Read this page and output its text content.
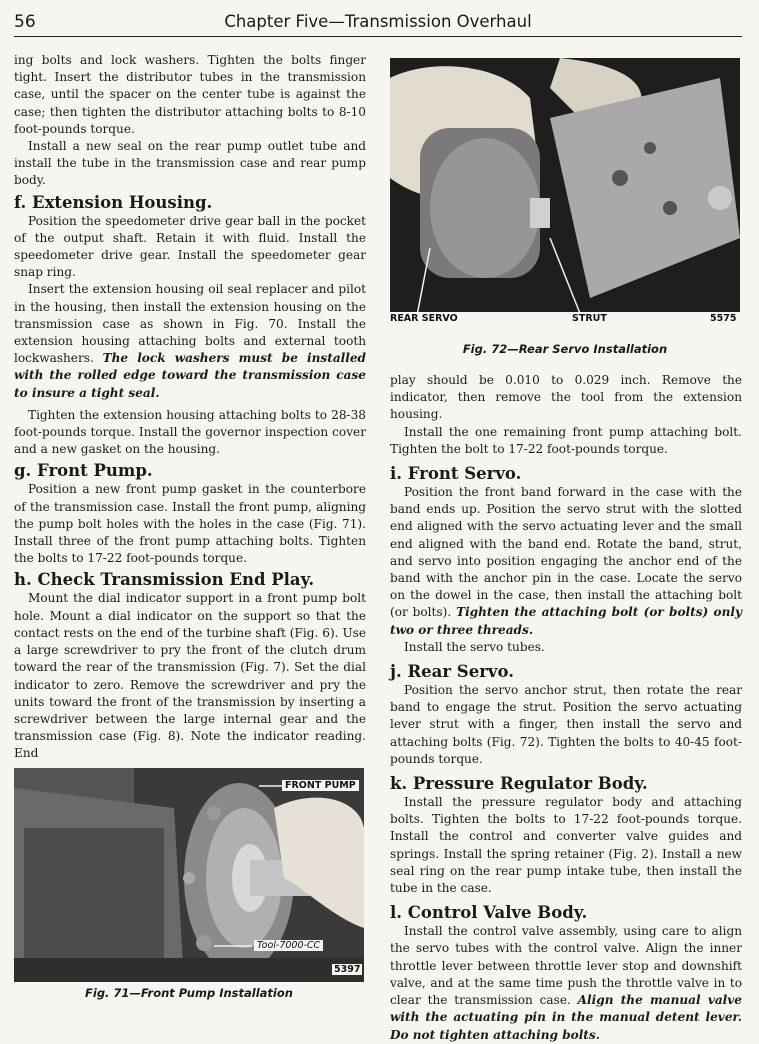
56	Chapter Five—Transmission Overhaul

ing bolts and lock washers. Tighten the bolts finger tight. Insert the distributor tubes in the transmission case, until the spacer on the center tube is against the case; then tighten the distributor attaching bolts to 8-10 foot-pounds torque.

Install a new seal on the rear pump outlet tube and install the tube in the transmission case and rear pump body.

f. Extension Housing.

Position the speedometer drive gear ball in the pocket of the output shaft. Retain it with fluid. Install the speedometer drive gear. Install the speedometer gear snap ring.

Insert the extension housing oil seal replacer and pilot in the housing, then install the extension housing on the transmission case as shown in Fig. 70. Install the extension housing attaching bolts and external tooth lockwashers. The lock washers must be installed with the rolled edge toward the transmission case to insure a tight seal.

Tighten the extension housing attaching bolts to 28-38 foot-pounds torque. Install the governor inspection cover and a new gasket on the housing.

g. Front Pump.

Position a new front pump gasket in the counterbore of the transmission case. Install the front pump, aligning the pump bolt holes with the holes in the case (Fig. 71). Install three of the front pump attaching bolts. Tighten the bolts to 17-22 foot-pounds torque.

h. Check Transmission End Play.

Mount the dial indicator support in a front pump bolt hole. Mount a dial indicator on the support so that the contact rests on the end of the turbine shaft (Fig. 6). Use a large screwdriver to pry the front of the clutch drum toward the rear of the transmission (Fig. 7). Set the dial indicator to zero. Remove the screwdriver and pry the units toward the front of the transmission by inserting a screwdriver between the large internal gear and the transmission case (Fig. 8). Note the indicator reading. End

FRONT PUMP
Tool-7000-CC
5397
Fig. 71—Front Pump Installation
REAR SERVO	STRUT	5575
Fig. 72—Rear Servo Installation

play should be 0.010 to 0.029 inch. Remove the indicator, then remove the tool from the extension housing.

Install the one remaining front pump attaching bolt. Tighten the bolt to 17-22 foot-pounds torque.

i. Front Servo.

Position the front band forward in the case with the band ends up. Position the servo strut with the slotted end aligned with the servo actuating lever and the small end aligned with the band end. Rotate the band, strut, and servo into position engaging the anchor end of the band with the anchor pin in the case. Locate the servo on the dowel in the case, then install the attaching bolt (or bolts). Tighten the attaching bolt (or bolts) only two or three threads.

Install the servo tubes.

j. Rear Servo.

Position the servo anchor strut, then rotate the rear band to engage the strut. Position the servo actuating lever strut with a finger, then install the servo and attaching bolts (Fig. 72). Tighten the bolts to 40-45 foot-pounds torque.

k. Pressure Regulator Body.

Install the pressure regulator body and attaching bolts. Tighten the bolts to 17-22 foot-pounds torque. Install the control and converter valve guides and springs. Install the spring retainer (Fig. 2). Install a new seal ring on the rear pump intake tube, then install the tube in the case.

l. Control Valve Body.

Install the control valve assembly, using care to align the servo tubes with the control valve. Align the inner throttle lever between throttle lever stop and downshift valve, and at the same time push the throttle valve in to clear the transmission case. Align the manual valve with the actuating pin in the manual detent lever. Do not tighten attaching bolts.
